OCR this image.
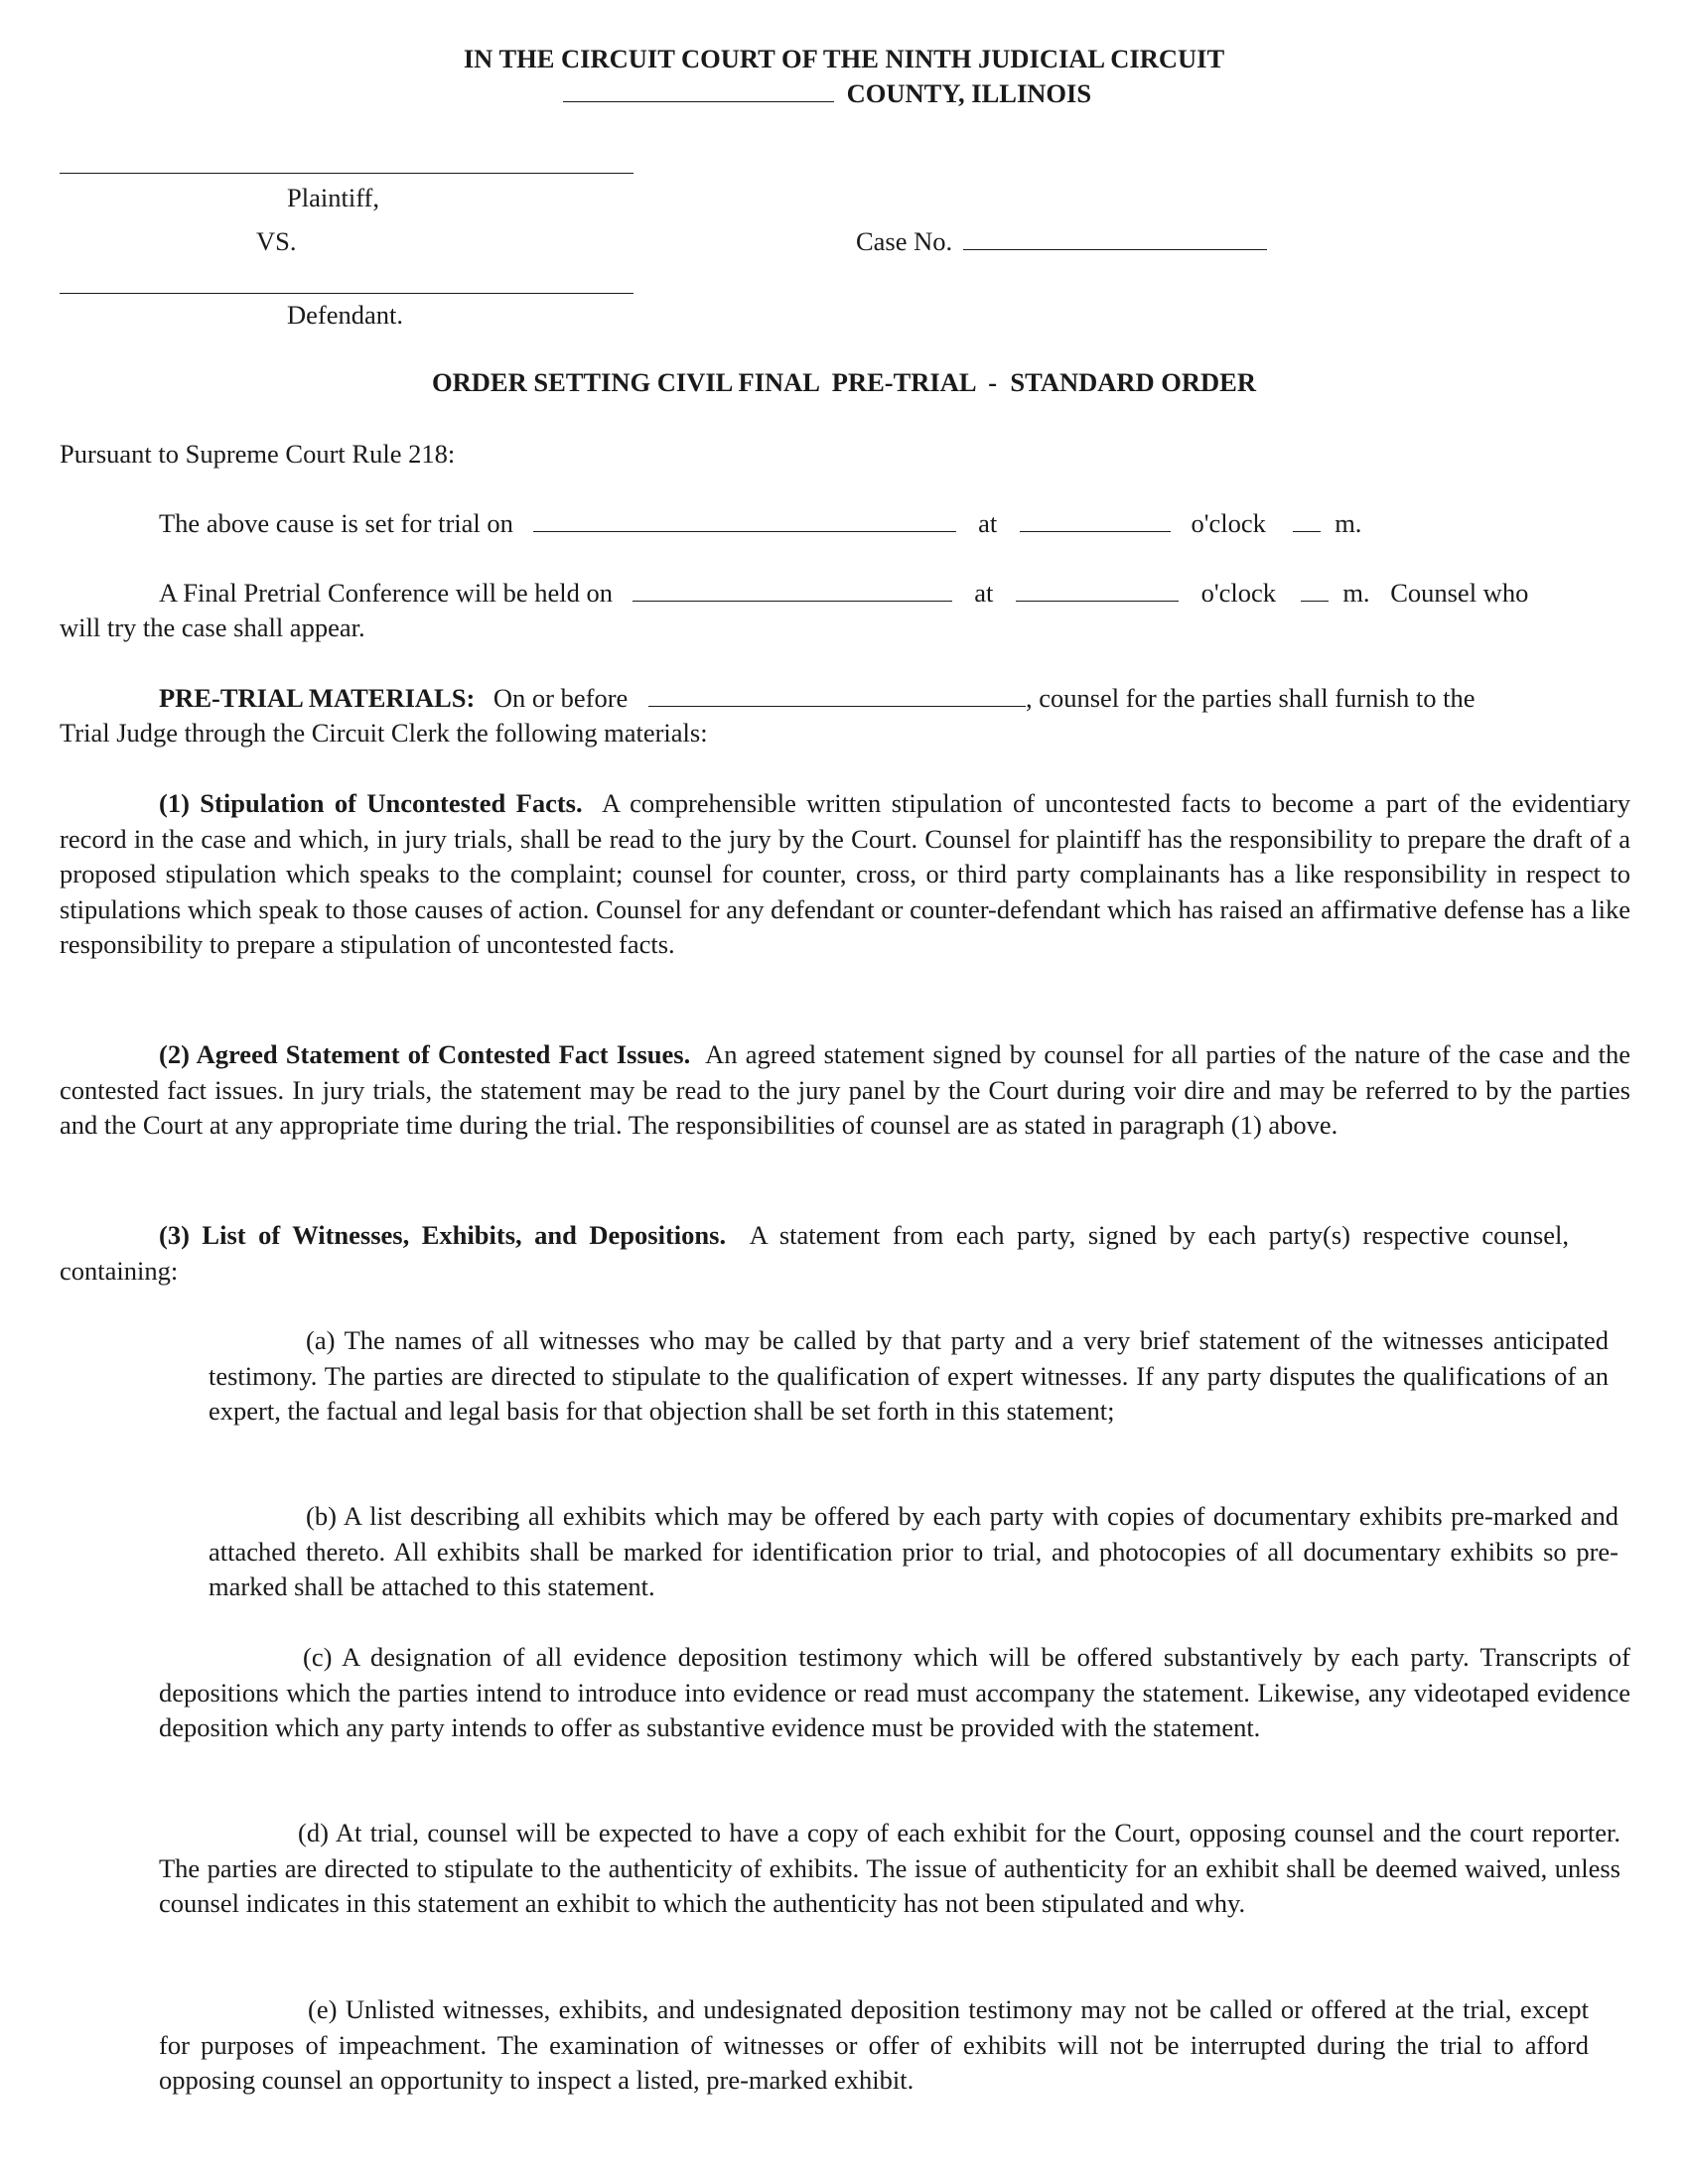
IN THE CIRCUIT COURT OF THE NINTH JUDICIAL CIRCUIT
COUNTY, ILLINOIS
Plaintiff,
VS.	Case No.
Defendant.
ORDER SETTING CIVIL FINAL  PRE-TRIAL  -  STANDARD ORDER
Pursuant to Supreme Court Rule 218:
The above cause is set for trial on	at	o'clock	m.
A Final Pretrial Conference will be held on	at	o'clock	m. Counsel who
will try the case shall appear.
PRE-TRIAL MATERIALS: On or before	, counsel for the parties shall furnish to the
Trial Judge through the Circuit Clerk the following materials:
(1) Stipulation of Uncontested Facts. A comprehensible written stipulation of uncontested facts to become a part of the evidentiary record in the case and which, in jury trials, shall be read to the jury by the Court. Counsel for plaintiff has the responsibility to prepare the draft of a proposed stipulation which speaks to the complaint; counsel for counter, cross, or third party complainants has a like responsibility in respect to stipulations which speak to those causes of action. Counsel for any defendant or counter-defendant which has raised an affirmative defense has a like responsibility to prepare a stipulation of uncontested facts.
(2) Agreed Statement of Contested Fact Issues. An agreed statement signed by counsel for all parties of the nature of the case and the contested fact issues. In jury trials, the statement may be read to the jury panel by the Court during voir dire and may be referred to by the parties and the Court at any appropriate time during the trial. The responsibilities of counsel are as stated in paragraph (1) above.
(3) List of Witnesses, Exhibits, and Depositions. A statement from each party, signed by each party(s) respective counsel, containing:
(a) The names of all witnesses who may be called by that party and a very brief statement of the witnesses anticipated testimony. The parties are directed to stipulate to the qualification of expert witnesses. If any party disputes the qualifications of an expert, the factual and legal basis for that objection shall be set forth in this statement;
(b) A list describing all exhibits which may be offered by each party with copies of documentary exhibits pre-marked and attached thereto. All exhibits shall be marked for identification prior to trial, and photocopies of all documentary exhibits so pre-marked shall be attached to this statement.
(c) A designation of all evidence deposition testimony which will be offered substantively by each party. Transcripts of depositions which the parties intend to introduce into evidence or read must accompany the statement. Likewise, any videotaped evidence deposition which any party intends to offer as substantive evidence must be provided with the statement.
(d) At trial, counsel will be expected to have a copy of each exhibit for the Court, opposing counsel and the court reporter. The parties are directed to stipulate to the authenticity of exhibits. The issue of authenticity for an exhibit shall be deemed waived, unless counsel indicates in this statement an exhibit to which the authenticity has not been stipulated and why.
(e) Unlisted witnesses, exhibits, and undesignated deposition testimony may not be called or offered at the trial, except for purposes of impeachment. The examination of witnesses or offer of exhibits will not be interrupted during the trial to afford opposing counsel an opportunity to inspect a listed, pre-marked exhibit.
